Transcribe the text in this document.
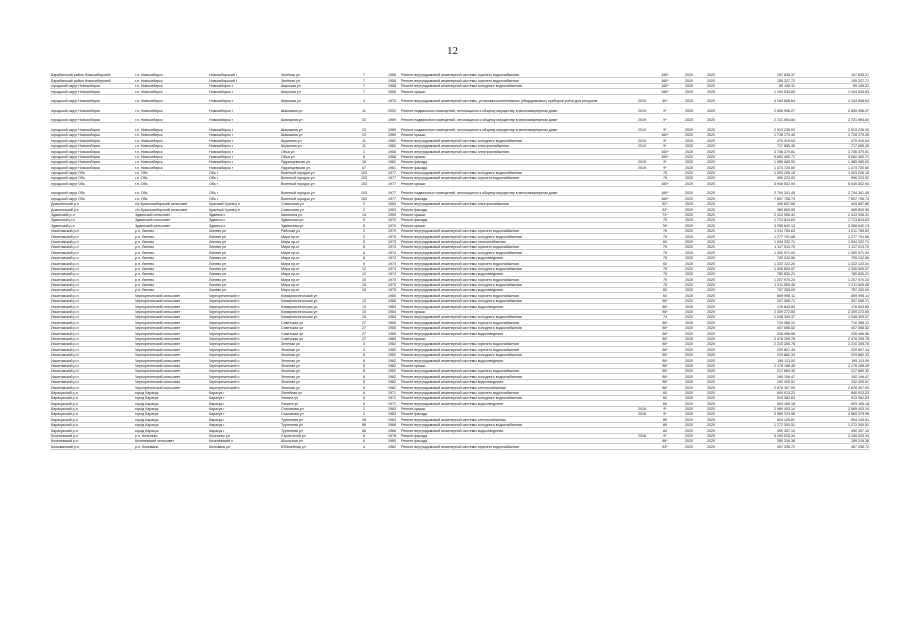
12
Барабинский район Новосибирский	г.п. Новосибирск	Новосибирский г	Зелёная ул	7		1958	Ремонт внутридомовой инженерной системы горячего водоснабжения		160*	2020	2020	157 635.37	157 635.37
Барабинский район Новосибирский	г.п. Новосибирск	Новосибирский г	Зелёная ул	7		1958	Ремонт внутридомовой инженерной системы горячего водоснабжения		160*	2020	2020	155 327.72	155 327.72
городской округ Новосибирск	г.п. Новосибирск	Новосибирск г	Широкая ул	7		1958	Ремонт внутридомовой инженерной системы холодного водоснабжения		160*	2020	2020	89 155.31	89 155.31
городской округ Новосибирск	г.п. Новосибирск	Новосибирск г	Широкая ул	7		1958	Ремонт крыши		160*	2020	2020	1 104 534.83	1 104 534.83
городской округ Новосибирск	г.п. Новосибирск	Новосибирск г	Широкая ул	4		1970	Ремонт внутридомовой инженерной системы, установка коллективных (общедомовых) приборов учета для ресурсов	2019	40*	2020	2020	4 164 608.64	4 164 608.64
городской округ Новосибирск	г.п. Новосибирск	Новосибирск г	Шамшина ул	11		2002	Ремонт подвальных помещений, относящихся к общему имуществу в многоквартирном доме	2019	9*	2020	2020	2 805 996.27	2 805 996.27
городской округ Новосибирск	г.п. Новосибирск	Новосибирск г	Шамшина ул	23		1969	Ремонт подвальных помещений, относящихся к общему имуществу в многоквартирном доме	2019	9*	2020	2020	2 721 594.84	2 721 594.84
городской округ Новосибирск	г.п. Новосибирск	Новосибирск г	Шамшина ул	23		1969	Ремонт подвальных помещений, относящихся к общему имуществу в многоквартирном доме	2019	9*	2020	2020	2 913 236.00	2 913 236.00
городской округ Новосибирск	г.п. Новосибирск	Новосибирск г	Шамшина ул	23		1969	Ремонт крыши		160*	2020	2020	1 728 279.45	1 728 279.45
городской округ Новосибирск	г.п. Новосибирск	Новосибирск г	Шушенка ул	11		1982	Ремонт внутридомовой инженерной системы холодного водоснабжения	2019	9*	2020	2020	275 319.63	275 319.63
городской округ Новосибирск	г.п. Новосибирск	Новосибирск г	Шушенка ул	11		1982	Ремонт внутридомовой инженерной системы электроснабжения	2019	9*	2020	2020	717 655.35	717 655.35
городской округ Новосибирск	г.п. Новосибирск	Новосибирск г	Обья ул	2		1958	Ремонт внутридомовой инженерной системы электроснабжения		160*	2020	2020	3 736 370.81	3 736 370.81
городской округ Новосибирск	г.п. Новосибирск	Новосибирск г	Обья ул	6		1958	Ремонт крыши		160*	2020	2020	9 682 450.71	9 682 450.71
городской округ Новосибирск	г.п. Новосибирск	Новосибирск г	Ядринцевская ул	16		1962	Ремонт фасада	2019	9*	2020	2020	1 985 080.00	1 985 080.00
городской округ Новосибирск	г.п. Новосибирск	Новосибирск г	Ядринцевская ул	67		1961	Ремонт фасада	2019	9*	2020	2020	1 473 720.60	1 473 720.60
городской округ Обь	г.п. Обь	Обь г	Военный городок ул	103		1977	Ремонт внутридомовой инженерной системы холодного водоснабжения		76	2020	2020	1 003 206.18	1 003 206.18
городской округ Обь	г.п. Обь	Обь г	Военный городок ул	103		1977	Ремонт внутридомовой инженерной системы горячего водоснабжения		76	2020	2020	906 223.92	906 223.92
городской округ Обь	г.п. Обь	Обь г	Военный городок ул	103		1977	Ремонт крыши		160*	2020	2020	5 945 502.94	5 945 502.94
городской округ Обь	г.п. Обь	Обь г	Военный городок ул	103		1977	Ремонт подвальных помещений, относящихся к общему имуществу в многоквартирном доме		160*	2020	2020	2 704 341.45	2 704 341.45
городской округ Обь	г.п. Обь	Обь г	Военный городок ул	103		1977	Ремонт фасада		160*	2020	2020	7 697 706.73	7 697 706.73
Доволенский р-н	с/с Красносибирский сельсовет	Красный Уралец п	Совхозная ул	2		1963	Ремонт внутридомовой инженерной системы электроснабжения		92*	2020	2020	449 857.86	449 857.86
Доволенский р-н	с/с Красносибирский сельсовет	Красный Уралец п	Совхозная ул	2		1963	Ремонт фасада		92*	2020	2020	365 805.55	365 805.55
Здвинский р-н	Здвинский сельсовет	Здвинск с	Калинина ул	14		1959	Ремонт крыши		73*	2020	2020	2 413 906.31	2 413 906.31
Здвинский р-н	Здвинский сельсовет	Здвинск с	Здвинская ул	6		1970	Ремонт фасада		76	2020	2020	1 713 814.63	1 713 814.63
Здвинский р-н	Здвинский сельсовет	Здвинск с	Здвинская ул	6		1970	Ремонт крыши		76*	2020	2020	3 058 640.13	3 058 640.13
Искитимский р-н	р.п. Линево	Линево рп	Рабочая ул	2		1979	Ремонт внутридомовой инженерной системы горячего водоснабжения		76	2020	2020	1 011 769.63	1 011 769.63
Искитимский р-н	р.п. Линево	Линево рп	Мира пр-кт	3		1975	Ремонт внутридомовой инженерной системы холодного водоснабжения		75	2020	2020	1 277 791.68	1 277 791.68
Искитимский р-н	р.п. Линево	Линево рп	Мира пр-кт	5		1973	Ремонт внутридомовой инженерной системы теплоснабжения		60	2020	2020	1 544 332.71	1 544 332.71
Искитимский р-н	р.п. Линево	Линево рп	Мира пр-кт	6		1974	Ремонт внутридомовой инженерной системы горячего водоснабжения		75	2020	2020	1 117 013.70	1 117 013.70
Искитимский р-н	р.п. Линево	Линево рп	Мира пр-кт	8		1974	Ремонт внутридомовой инженерной системы холодного водоснабжения		75	2020	2020	1 300 971.93	1 300 971.93
Искитимский р-н	р.п. Линево	Линево рп	Мира пр-кт	8		1974	Ремонт внутридомовой инженерной системы водоотведения		75	2020	2020	705 242.56	705 242.56
Искитимский р-н	р.п. Линево	Линево рп	Мира пр-кт	9		1974	Ремонт внутридомовой инженерной системы горячего водоснабжения		60	2020	2020	1 322 122.20	1 322 122.20
Искитимский р-н	р.п. Линево	Линево рп	Мира пр-кт	12		1974	Ремонт внутридомовой инженерной системы холодного водоснабжения		75	2020	2020	1 306 805.57	1 306 805.57
Искитимский р-н	р.п. Линево	Линево рп	Мира пр-кт	12		1974	Ремонт внутридомовой инженерной системы водоотведения		75	2020	2020	780 830.21	780 830.21
Искитимский р-н	р.п. Линево	Линево рп	Мира пр-кт	19		1975	Ремонт внутридомовой инженерной системы горячего водоснабжения		75	2020	2020	1 207 970.24	1 207 970.24
Искитимский р-н	р.п. Линево	Линево рп	Мира пр-кт	18		1975	Ремонт внутридомовой инженерной системы холодного водоснабжения		75	2020	2020	1 211 509.48	1 211 509.48
Искитимский р-н	р.п. Линево	Линево рп	Мира пр-кт	18		1975	Ремонт внутридомовой инженерной системы водоотведения		60	2020	2020	757 253.09	757 253.09
Искитимский р-н	Чернореченский сельсовет	Чернореченский п	Коммунистический ул			1965	Ремонт внутридомовой инженерной системы горячего водоснабжения		60	2020	2020	869 996.11	869 996.11
Искитимский р-н	Чернореченский сельсовет	Чернореченский п	Коммунистическая ул	13		1965	Ремонт внутридомовой инженерной системы холодного водоснабжения		96*	2020	2020	307 065.71	307 065.71
Искитимский р-н	Чернореченский сельсовет	Чернореченский п	Коммунистическая ул	13		1965	Ремонт внутридомовой инженерной системы водоотведения		96*	2020	2020	176 843.83	176 843.83
Искитимский р-н	Чернореченский сельсовет	Чернореченский п	Коммунистическая ул	15		1964	Ремонт крыши		96*	2020	2020	2 309 272.65	2 309 272.65
Искитимский р-н	Чернореченский сельсовет	Чернореченский п	Коммунистическая ул	15		1964	Ремонт внутридомовой инженерной системы холодного водоснабжения		74	2020	2020	1 048 309.37	1 048 309.37
Искитимский р-н	Чернореченский сельсовет	Чернореченский п	Советская ул	27		1965	Ремонт внутридомовой инженерной системы горячего водоснабжения		96*	2020	2020	710 368.12	710 368.12
Искитимский р-н	Чернореченский сельсовет	Чернореченский п	Советская ул	27		1965	Ремонт внутридомовой инженерной системы холодного водоснабжения		96*	2020	2020	407 066.52	407 066.52
Искитимский р-н	Чернореченский сельсовет	Чернореченский п	Советская ул	27		1965	Ремонт внутридомовой инженерной системы водоотведения		96*	2020	2020	228 496.96	228 496.96
Искитимский р-н	Чернореченский сельсовет	Чернореченский п	Советская ул	27		1965	Ремонт крыши		96*	2020	2020	2 478 299.76	2 478 299.76
Искитимский р-н	Чернореченский сельсовет	Чернореченский п	Зеленая ул	4		1962	Ремонт внутридомовой инженерной системы горячего водоснабжения		96*	2020	2020	2 210 305.78	2 210 305.78
Искитимский р-н	Чернореченский сельсовет	Чернореченский п	Зеленая ул	4		1962	Ремонт внутридомовой инженерной системы горячего водоснабжения		96*	2020	2020	229 807.44	229 807.44
Искитимский р-н	Чернореченский сельсовет	Чернореченский п	Зеленая ул	6		1962	Ремонт внутридомовой инженерной системы холодного водоснабжения		96*	2020	2020	229 882.33	229 882.33
Искитимский р-н	Чернореченский сельсовет	Чернореченский п	Зеленая ул	6		1962	Ремонт внутридомовой инженерной системы водоотведения		96*	2020	2020	195 113.00	195 113.00
Искитимский р-н	Чернореченский сельсовет	Чернореченский п	Зеленая ул	8		1962	Ремонт крыши		96*	2020	2020	2 178 188.45	2 178 188.45
Искитимский р-н	Чернореченский сельсовет	Чернореченский п	Зеленая ул	8		1962	Ремонт внутридомовой инженерной системы горячего водоснабжения		96*	2020	2020	217 669.30	217 669.30
Искитимский р-н	Чернореченский сельсовет	Чернореченский п	Зеленая ул	8		1962	Ремонт внутридомовой инженерной системы холодного водоснабжения		96*	2020	2020	190 106.47	190 106.47
Искитимский р-н	Чернореченский сельсовет	Чернореченский п	Зеленая ул	8		1962	Ремонт внутридомовой инженерной системы водоотведения		96*	2020	2020	242 420.51	242 420.51
Искитимский р-н	Чернореченский сельсовет	Чернореченский п	Зеленая ул	8		1962	Ремонт внутридомовой инженерной системы теплоснабжения		96*	2020	2020	2 878 307.09	2 878 307.09
Карасукский р-н	город Карасук	Карасук г	Линейная ул	6		1971	Ремонт внутридомовой инженерной системы горячего водоснабжения		60	2020	2020	849 913.23	849 913.23
Карасукский р-н	город Карасук	Карасук г	Ленина ул	6		1971	Ремонт внутридомовой инженерной системы холодного водоснабжения		60	2020	2020	913 382.63	913 382.63
Карасукский р-н	город Карасук	Карасук г	Ленина ул	6		1971	Ремонт внутридомовой инженерной системы водоотведения		60	2020	2020	503 165.18	503 165.18
Карасукский р-н	город Карасук	Карасук г	Стасовова ул	2		1963	Ремонт крыши	2018	9*	2020	2020	2 969 403.14	2 969 403.14
Карасукский р-н	город Карасук	Карасук г	Стасовова ул	2		1963	Ремонт фасада	2018	9*	2020	2020	3 969 379.96	3 969 379.96
Карасукский р-н	город Карасук	Карасук г	Тургенева ул	28		1963	Ремонт внутридомовой инженерной системы теплоснабжения		89	2020	2020	504 125.81	504 125.81
Карасукский р-н	город Карасук	Карасук г	Тургенева ул	88		1968	Ремонт внутридомовой инженерной системы холодного водоснабжения		89	2020	2020	1 272 300.51	1 272 300.51
Карасукский р-н	город Карасук	Карасук г	Тургенева ул	88		1968	Ремонт внутридомовой инженерной системы водоотведения		60	2020	2020	490 357.10	490 357.10
Коченевский р-н	р.п. Коченево	Коченево рп	Строителей ул	6		1976	Ремонт фасада	2018	9*	2020	2020	3 169 025.34	3 169 025.34
Коченевский р-н	Коченевский сельсовет	Коченевский п	Школьная ул	6		1969	Ремонт фасада		96*	2020	2020	289 316.38	289 316.38
Колыванский р-н	р.п. Колывань	Колывань рп	Юбилейная ул	4		1982	Ремонт внутридомовой инженерной системы горячего водоснабжения		93*	2020	2020	497 295.72	497 295.72
